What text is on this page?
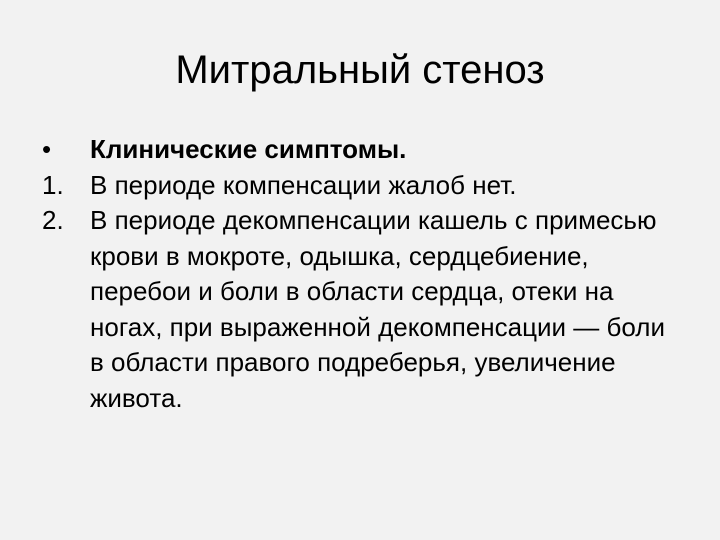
Митральный стеноз
•	Клинические симптомы.
1.	В периоде компенсации жалоб нет.
2.	В периоде декомпенсации кашель с примесью крови в мокроте, одышка, сердцебиение, перебои и боли в области сердца, отеки на ногах, при выраженной декомпенсации — боли в области правого подреберья, увеличение живота.
